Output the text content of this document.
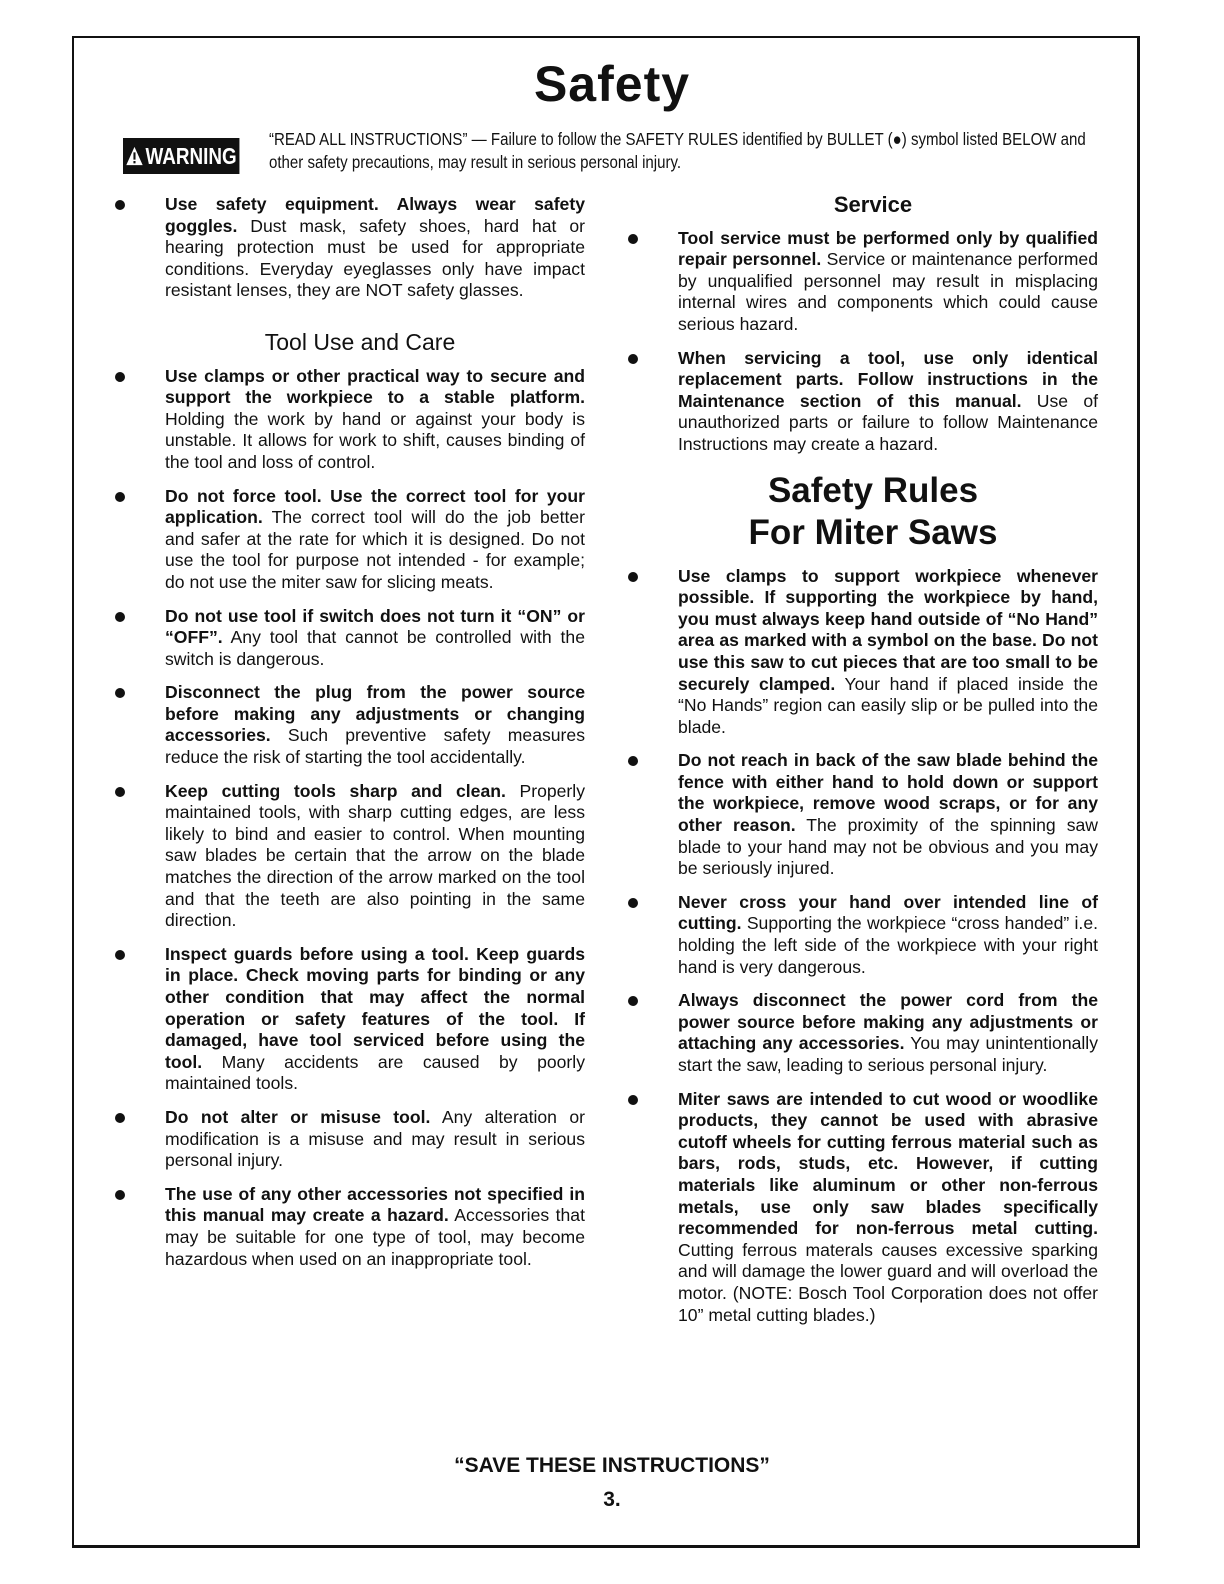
Safety
WARNING
“READ ALL INSTRUCTIONS” — Failure to follow the SAFETY RULES identified by BULLET (●) symbol listed BELOW and other safety precautions, may result in serious personal injury.
Use safety equipment. Always wear safety goggles. Dust mask, safety shoes, hard hat or hearing protection must be used for appropriate conditions. Everyday eyeglasses only have impact resistant lenses, they are NOT safety glasses.
Tool Use and Care
Use clamps or other practical way to secure and support the workpiece to a stable platform. Holding the work by hand or against your body is unstable. It allows for work to shift, causes binding of the tool and loss of control.
Do not force tool. Use the correct tool for your application. The correct tool will do the job better and safer at the rate for which it is designed. Do not use the tool for purpose not intended - for example; do not use the miter saw for slicing meats.
Do not use tool if switch does not turn it “ON” or “OFF”. Any tool that cannot be controlled with the switch is dangerous.
Disconnect the plug from the power source before making any adjustments or changing accessories. Such preventive safety measures reduce the risk of starting the tool accidentally.
Keep cutting tools sharp and clean. Properly maintained tools, with sharp cutting edges, are less likely to bind and easier to control. When mounting saw blades be certain that the arrow on the blade matches the direction of the arrow marked on the tool and that the teeth are also pointing in the same direction.
Inspect guards before using a tool. Keep guards in place. Check moving parts for binding or any other condition that may affect the normal operation or safety features of the tool. If damaged, have tool serviced before using the tool. Many accidents are caused by poorly maintained tools.
Do not alter or misuse tool. Any alteration or modification is a misuse and may result in serious personal injury.
The use of any other accessories not specified in this manual may create a hazard. Accessories that may be suitable for one type of tool, may become hazardous when used on an inappropriate tool.
Service
Tool service must be performed only by qualified repair personnel. Service or maintenance performed by unqualified personnel may result in misplacing internal wires and components which could cause serious hazard.
When servicing a tool, use only identical replacement parts. Follow instructions in the Maintenance section of this manual. Use of unauthorized parts or failure to follow Maintenance Instructions may create a hazard.
Safety Rules
For Miter Saws
Use clamps to support workpiece whenever possible. If supporting the workpiece by hand, you must always keep hand outside of “No Hand” area as marked with a symbol on the base. Do not use this saw to cut pieces that are too small to be securely clamped. Your hand if placed inside the “No Hands” region can easily slip or be pulled into the blade.
Do not reach in back of the saw blade behind the fence with either hand to hold down or support the workpiece, remove wood scraps, or for any other reason. The proximity of the spinning saw blade to your hand may not be obvious and you may be seriously injured.
Never cross your hand over intended line of cutting. Supporting the workpiece “cross handed” i.e. holding the left side of the workpiece with your right hand is very dangerous.
Always disconnect the power cord from the power source before making any adjustments or attaching any accessories. You may unintentionally start the saw, leading to serious personal injury.
Miter saws are intended to cut wood or woodlike products, they cannot be used with abrasive cutoff wheels for cutting ferrous material such as bars, rods, studs, etc. However, if cutting materials like aluminum or other non-ferrous metals, use only saw blades specifically recommended for non-ferrous metal cutting. Cutting ferrous materals causes excessive sparking and will damage the lower guard and will overload the motor. (NOTE: Bosch Tool Corporation does not offer 10” metal cutting blades.)
“SAVE THESE INSTRUCTIONS”
3.
